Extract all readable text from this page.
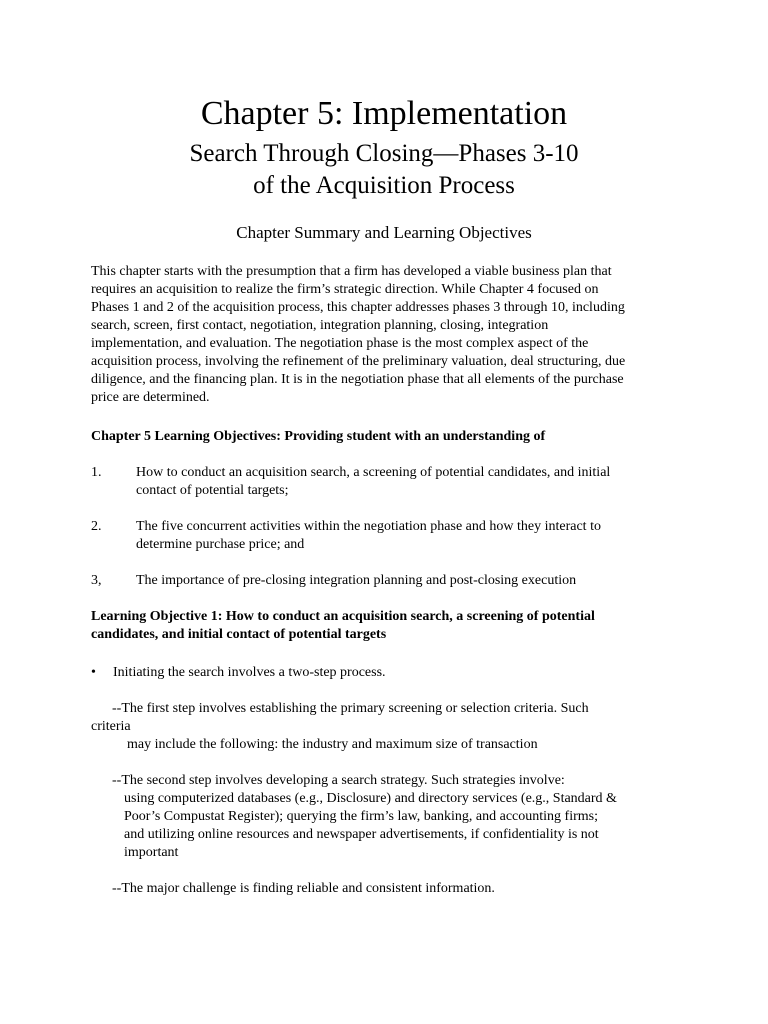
Chapter 5: Implementation
Search Through Closing—Phases 3-10
of the Acquisition Process
Chapter Summary and Learning Objectives

This chapter starts with the presumption that a firm has developed a viable business plan that
requires an acquisition to realize the firm’s strategic direction. While Chapter 4 focused on
Phases 1 and 2 of the acquisition process, this chapter addresses phases 3 through 10, including
search, screen, first contact, negotiation, integration planning, closing, integration
implementation, and evaluation. The negotiation phase is the most complex aspect of the
acquisition process, involving the refinement of the preliminary valuation, deal structuring, due
diligence, and the financing plan. It is in the negotiation phase that all elements of the purchase
price are determined.

Chapter 5 Learning Objectives: Providing student with an understanding of

1. How to conduct an acquisition search, a screening of potential candidates, and initial
contact of potential targets;
2. The five concurrent activities within the negotiation phase and how they interact to
determine purchase price; and
3, The importance of pre-closing integration planning and post-closing execution

Learning Objective 1: How to conduct an acquisition search, a screening of potential
candidates, and initial contact of potential targets

• Initiating the search involves a two-step process.

--The first step involves establishing the primary screening or selection criteria. Such

criteria

may include the following: the industry and maximum size of transaction

--The second step involves developing a search strategy. Such strategies involve:
using computerized databases (e.g., Disclosure) and directory services (e.g., Standard &
Poor’s Compustat Register); querying the firm’s law, banking, and accounting firms;
and utilizing online resources and newspaper advertisements, if confidentiality is not
important

--The major challenge is finding reliable and consistent information.
